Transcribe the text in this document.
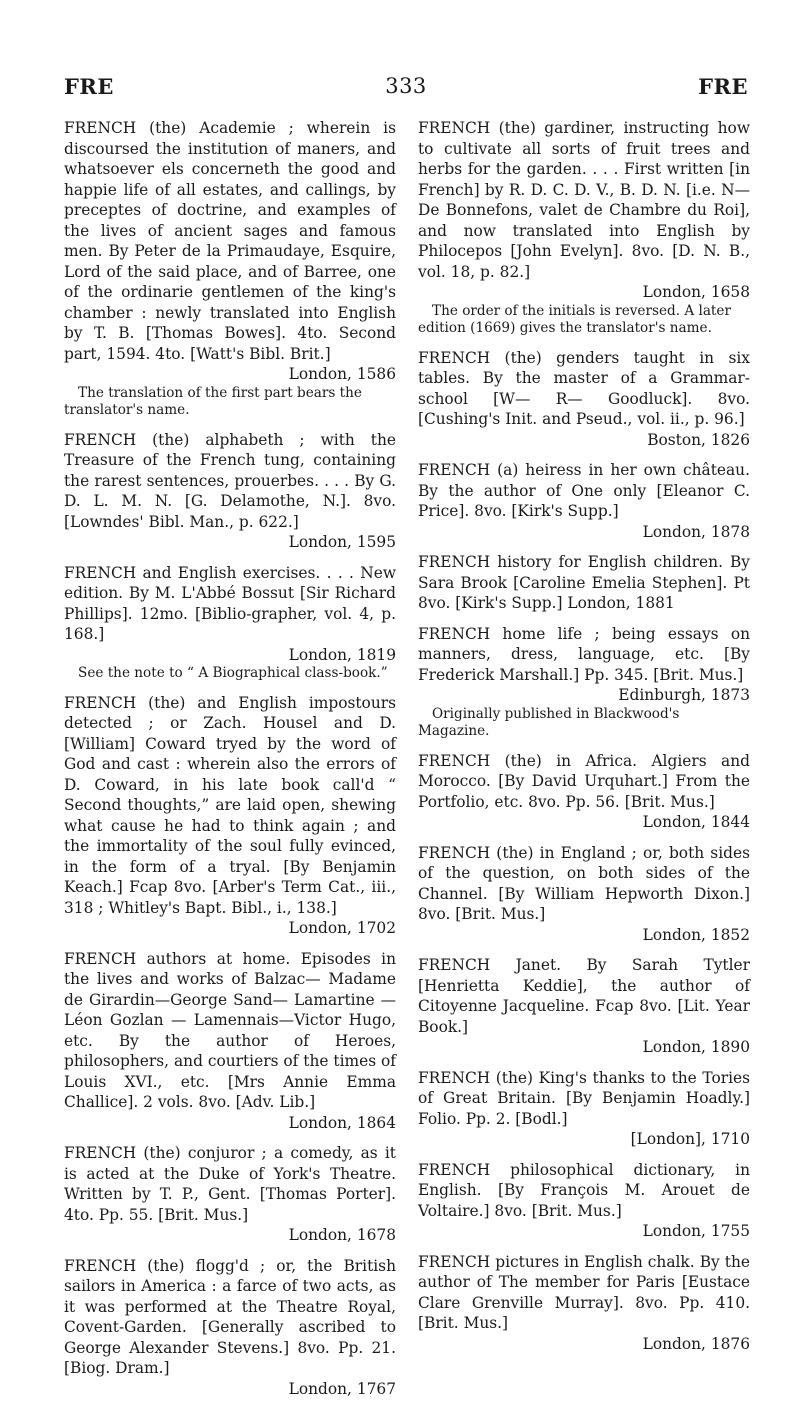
FRE	333	FRE

FRENCH (the) Academie ; wherein is discoursed the institution of maners, and whatsoever els concerneth the good and happie life of all estates, and callings, by preceptes of doctrine, and examples of the lives of ancient sages and famous men. By Peter de la Primaudaye, Esquire, Lord of the said place, and of Barree, one of the ordinarie gentlemen of the king's chamber : newly translated into English by T. B. [Thomas Bowes]. 4to. Second part, 1594. 4to. [Watt's Bibl. Brit.]

London, 1586

The translation of the first part bears the translator's name.

FRENCH (the) alphabeth ; with the Treasure of the French tung, containing the rarest sentences, prouerbes. . . . By G. D. L. M. N. [G. Delamothe, N.]. 8vo. [Lowndes' Bibl. Man., p. 622.]

London, 1595

FRENCH and English exercises. . . . New edition. By M. L'Abbé Bossut [Sir Richard Phillips]. 12mo. [Biblio-grapher, vol. 4, p. 168.]

London, 1819

See the note to “ A Biographical class-book.”

FRENCH (the) and English impostours detected ; or Zach. Housel and D. [William] Coward tryed by the word of God and cast : wherein also the errors of D. Coward, in his late book call'd “ Second thoughts,” are laid open, shewing what cause he had to think again ; and the immortality of the soul fully evinced, in the form of a tryal. [By Benjamin Keach.] Fcap 8vo. [Arber's Term Cat., iii., 318 ; Whitley's Bapt. Bibl., i., 138.]

London, 1702

FRENCH authors at home. Episodes in the lives and works of Balzac— Madame de Girardin—George Sand— Lamartine — Léon Gozlan — Lamennais—Victor Hugo, etc. By the author of Heroes, philosophers, and courtiers of the times of Louis XVI., etc. [Mrs Annie Emma Challice]. 2 vols. 8vo. [Adv. Lib.]

London, 1864

FRENCH (the) conjuror ; a comedy, as it is acted at the Duke of York's Theatre. Written by T. P., Gent. [Thomas Porter]. 4to. Pp. 55. [Brit. Mus.]

London, 1678

FRENCH (the) flogg'd ; or, the British sailors in America : a farce of two acts, as it was performed at the Theatre Royal, Covent-Garden. [Generally ascribed to George Alexander Stevens.] 8vo. Pp. 21. [Biog. Dram.]

London, 1767

FRENCH (the) gardiner, instructing how to cultivate all sorts of fruit trees and herbs for the garden. . . . First written [in French] by R. D. C. D. V., B. D. N. [i.e. N— De Bonnefons, valet de Chambre du Roi], and now translated into English by Philocepos [John Evelyn]. 8vo. [D. N. B., vol. 18, p. 82.]

London, 1658

The order of the initials is reversed. A later edition (1669) gives the translator's name.

FRENCH (the) genders taught in six tables. By the master of a Grammar-school [W— R— Goodluck]. 8vo. [Cushing's Init. and Pseud., vol. ii., p. 96.]

Boston, 1826

FRENCH (a) heiress in her own château. By the author of One only [Eleanor C. Price]. 8vo. [Kirk's Supp.]

London, 1878

FRENCH history for English children. By Sara Brook [Caroline Emelia Stephen]. Pt 8vo. [Kirk's Supp.] London, 1881

FRENCH home life ; being essays on manners, dress, language, etc. [By Frederick Marshall.] Pp. 345. [Brit. Mus.]

Edinburgh, 1873

Originally published in Blackwood's Magazine.

FRENCH (the) in Africa. Algiers and Morocco. [By David Urquhart.] From the Portfolio, etc. 8vo. Pp. 56. [Brit. Mus.]

London, 1844

FRENCH (the) in England ; or, both sides of the question, on both sides of the Channel. [By William Hepworth Dixon.] 8vo. [Brit. Mus.]

London, 1852

FRENCH Janet. By Sarah Tytler [Henrietta Keddie], the author of Citoyenne Jacqueline. Fcap 8vo. [Lit. Year Book.]

London, 1890

FRENCH (the) King's thanks to the Tories of Great Britain. [By Benjamin Hoadly.] Folio. Pp. 2. [Bodl.]

[London], 1710

FRENCH philosophical dictionary, in English. [By François M. Arouet de Voltaire.] 8vo. [Brit. Mus.]

London, 1755

FRENCH pictures in English chalk. By the author of The member for Paris [Eustace Clare Grenville Murray]. 8vo. Pp. 410. [Brit. Mus.]

London, 1876
